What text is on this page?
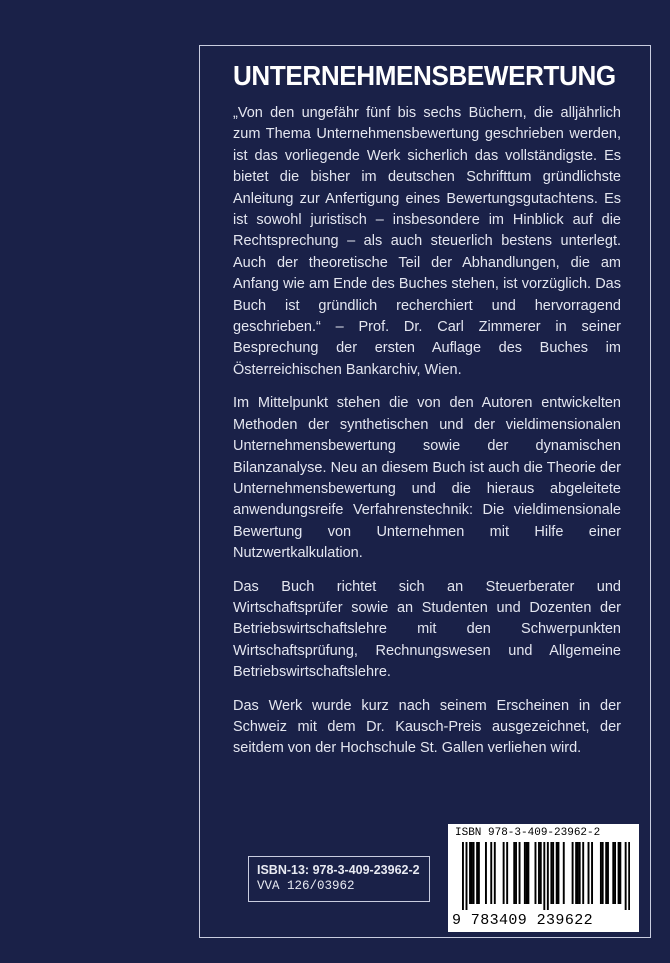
UNTERNEHMENSBEWERTUNG

„Von den ungefähr fünf bis sechs Büchern, die alljährlich zum Thema Unternehmensbewertung geschrieben werden, ist das vorliegende Werk sicherlich das vollständigste. Es bietet die bisher im deutschen Schrifttum gründlichste Anleitung zur Anfertigung eines Bewertungsgutachtens. Es ist sowohl juristisch – insbesondere im Hinblick auf die Rechtsprechung – als auch steuerlich bestens unterlegt. Auch der theoretische Teil der Abhandlungen, die am Anfang wie am Ende des Buches stehen, ist vorzüglich. Das Buch ist gründlich recherchiert und hervorragend geschrieben.“ – Prof. Dr. Carl Zimmerer in seiner Besprechung der ersten Auflage des Buches im Österreichischen Bankarchiv, Wien.

Im Mittelpunkt stehen die von den Autoren entwickelten Methoden der synthetischen und der vieldimensionalen Unternehmensbewertung sowie der dynamischen Bilanzanalyse. Neu an diesem Buch ist auch die Theorie der Unternehmensbewertung und die hieraus abgeleitete anwendungsreife Verfahrenstechnik: Die vieldimensionale Bewertung von Unternehmen mit Hilfe einer Nutzwertkalkulation.

Das Buch richtet sich an Steuerberater und Wirtschaftsprüfer sowie an Studenten und Dozenten der Betriebswirtschaftslehre mit den Schwerpunkten Wirtschaftsprüfung, Rechnungswesen und Allgemeine Betriebswirtschaftslehre.

Das Werk wurde kurz nach seinem Erscheinen in der Schweiz mit dem Dr. Kausch-Preis ausgezeichnet, der seitdem von der Hochschule St. Gallen verliehen wird.

ISBN-13: 978-3-409-23962-2
VVA 126/03962
ISBN 978-3-409-23962-2
9 783409 239622
